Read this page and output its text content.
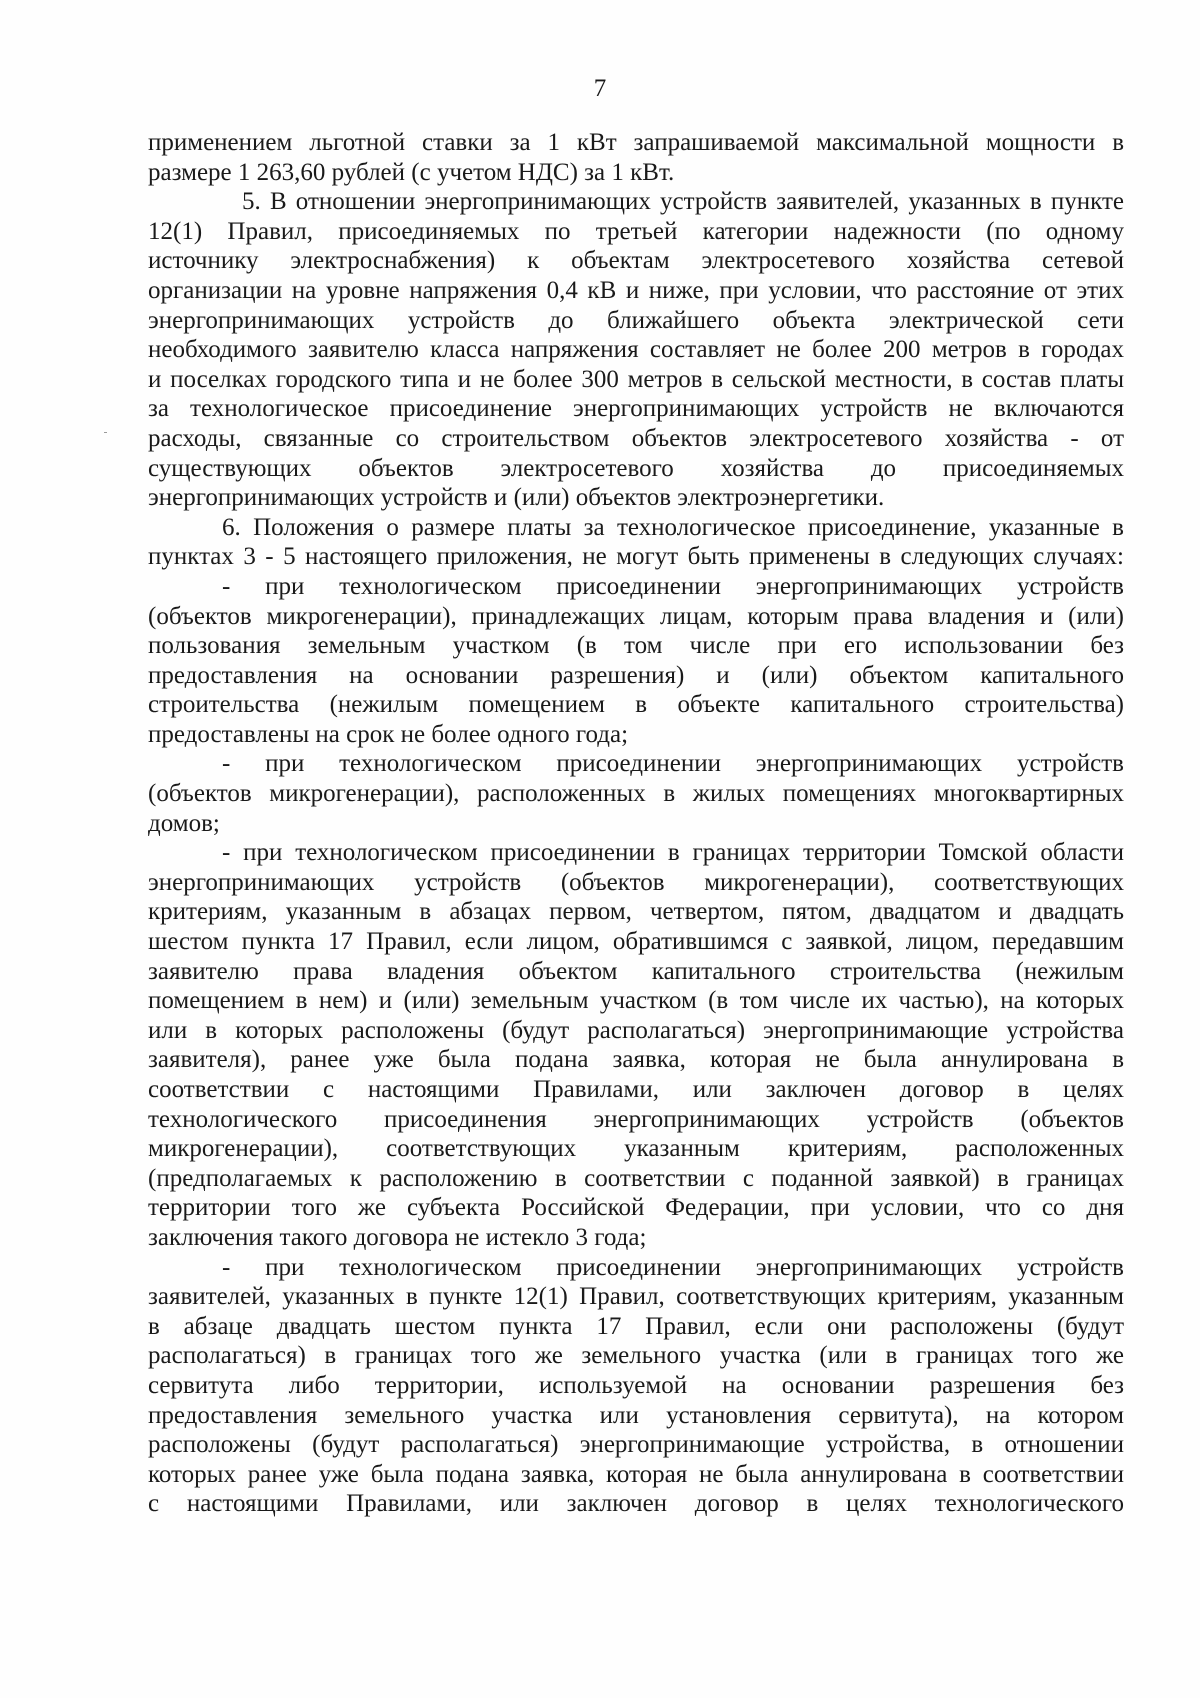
7
применением льготной ставки за 1 кВт запрашиваемой максимальной мощности в
размере 1 263,60 рублей (с учетом НДС) за 1 кВт.
5. В отношении энергопринимающих устройств заявителей, указанных в пункте
12(1) Правил, присоединяемых по третьей категории надежности (по одному
источнику электроснабжения) к объектам электросетевого хозяйства сетевой
организации на уровне напряжения 0,4 кВ и ниже, при условии, что расстояние от этих
энергопринимающих устройств до ближайшего объекта электрической сети
необходимого заявителю класса напряжения составляет не более 200 метров в городах
и поселках городского типа и не более 300 метров в сельской местности, в состав платы
за технологическое присоединение энергопринимающих устройств не включаются
расходы, связанные со строительством объектов электросетевого хозяйства - от
существующих объектов электросетевого хозяйства до присоединяемых
энергопринимающих устройств и (или) объектов электроэнергетики.
6. Положения о размере платы за технологическое присоединение, указанные в
пунктах 3 - 5 настоящего приложения, не могут быть применены в следующих случаях:
- при технологическом присоединении энергопринимающих устройств
(объектов микрогенерации), принадлежащих лицам, которым права владения и (или)
пользования земельным участком (в том числе при его использовании без
предоставления на основании разрешения) и (или) объектом капитального
строительства (нежилым помещением в объекте капитального строительства)
предоставлены на срок не более одного года;
- при технологическом присоединении энергопринимающих устройств
(объектов микрогенерации), расположенных в жилых помещениях многоквартирных
домов;
- при технологическом присоединении в границах территории Томской области
энергопринимающих устройств (объектов микрогенерации), соответствующих
критериям, указанным в абзацах первом, четвертом, пятом, двадцатом и двадцать
шестом пункта 17 Правил, если лицом, обратившимся с заявкой, лицом, передавшим
заявителю права владения объектом капитального строительства (нежилым
помещением в нем) и (или) земельным участком (в том числе их частью), на которых
или в которых расположены (будут располагаться) энергопринимающие устройства
заявителя), ранее уже была подана заявка, которая не была аннулирована в
соответствии с настоящими Правилами, или заключен договор в целях
технологического присоединения энергопринимающих устройств (объектов
микрогенерации), соответствующих указанным критериям, расположенных
(предполагаемых к расположению в соответствии с поданной заявкой) в границах
территории того же субъекта Российской Федерации, при условии, что со дня
заключения такого договора не истекло 3 года;
- при технологическом присоединении энергопринимающих устройств
заявителей, указанных в пункте 12(1) Правил, соответствующих критериям, указанным
в абзаце двадцать шестом пункта 17 Правил, если они расположены (будут
располагаться) в границах того же земельного участка (или в границах того же
сервитута либо территории, используемой на основании разрешения без
предоставления земельного участка или установления сервитута), на котором
расположены (будут располагаться) энергопринимающие устройства, в отношении
которых ранее уже была подана заявка, которая не была аннулирована в соответствии
с настоящими Правилами, или заключен договор в целях технологического
